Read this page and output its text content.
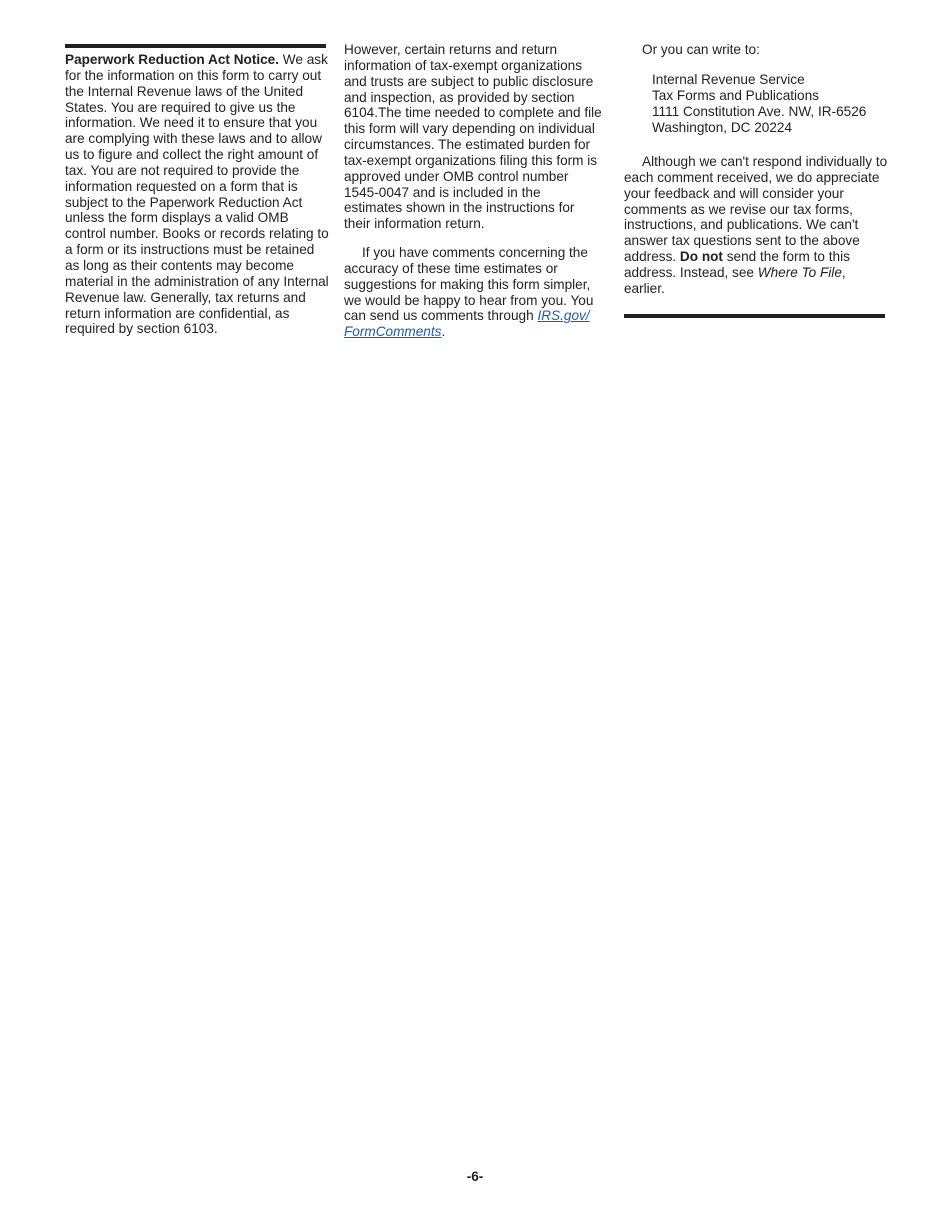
Paperwork Reduction Act Notice. We ask for the information on this form to carry out the Internal Revenue laws of the United States. You are required to give us the information. We need it to ensure that you are complying with these laws and to allow us to figure and collect the right amount of tax. You are not required to provide the information requested on a form that is subject to the Paperwork Reduction Act unless the form displays a valid OMB control number. Books or records relating to a form or its instructions must be retained as long as their contents may become material in the administration of any Internal Revenue law. Generally, tax returns and return information are confidential, as required by section 6103.

However, certain returns and return information of tax-exempt organizations and trusts are subject to public disclosure and inspection, as provided by section 6104.The time needed to complete and file this form will vary depending on individual circumstances. The estimated burden for tax-exempt organizations filing this form is approved under OMB control number 1545-0047 and is included in the estimates shown in the instructions for their information return.

If you have comments concerning the accuracy of these time estimates or suggestions for making this form simpler, we would be happy to hear from you. You can send us comments through IRS.gov/ FormComments.

Or you can write to:

Internal Revenue Service
Tax Forms and Publications
1111 Constitution Ave. NW, IR-6526
Washington, DC 20224

Although we can't respond individually to each comment received, we do appreciate your feedback and will consider your comments as we revise our tax forms, instructions, and publications. We can't answer tax questions sent to the above address. Do not send the form to this address. Instead, see Where To File, earlier.

-6-
